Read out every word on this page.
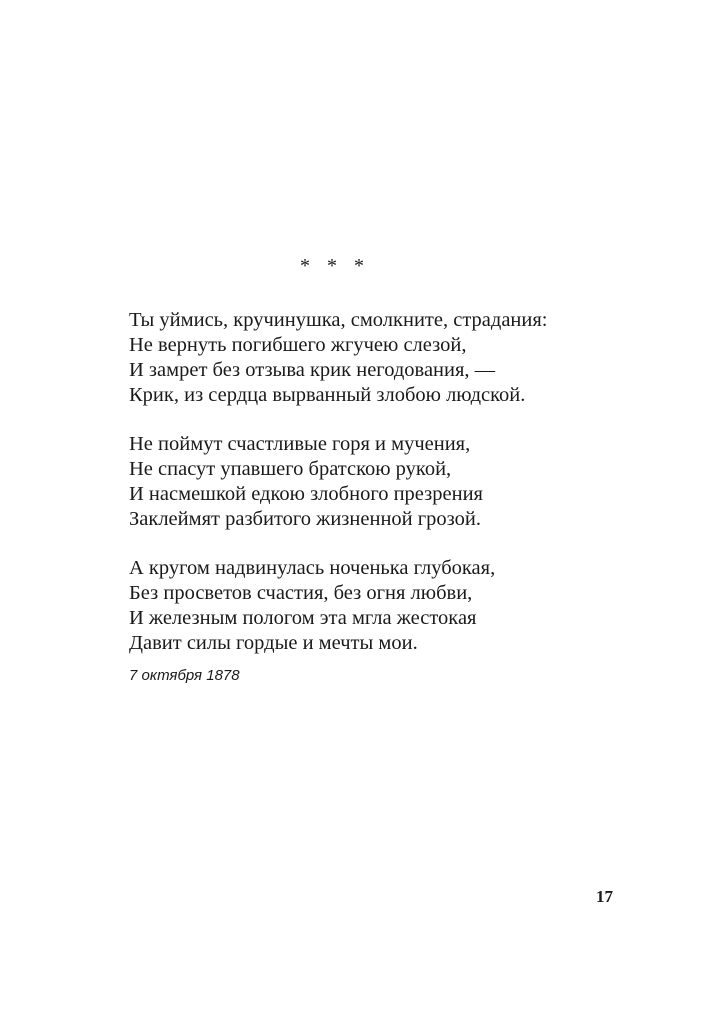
* * *
Ты уймись, кручинушка, смолкните, страдания:
Не вернуть погибшего жгучею слезой,
И замрет без отзыва крик негодования, —
Крик, из сердца вырванный злобою людской.
Не поймут счастливые горя и мучения,
Не спасут упавшего братскою рукой,
И насмешкой едкою злобного презрения
Заклеймят разбитого жизненной грозой.
А кругом надвинулась ноченька глубокая,
Без просветов счастия, без огня любви,
И железным пологом эта мгла жестокая
Давит силы гордые и мечты мои.
7 октября 1878
17
